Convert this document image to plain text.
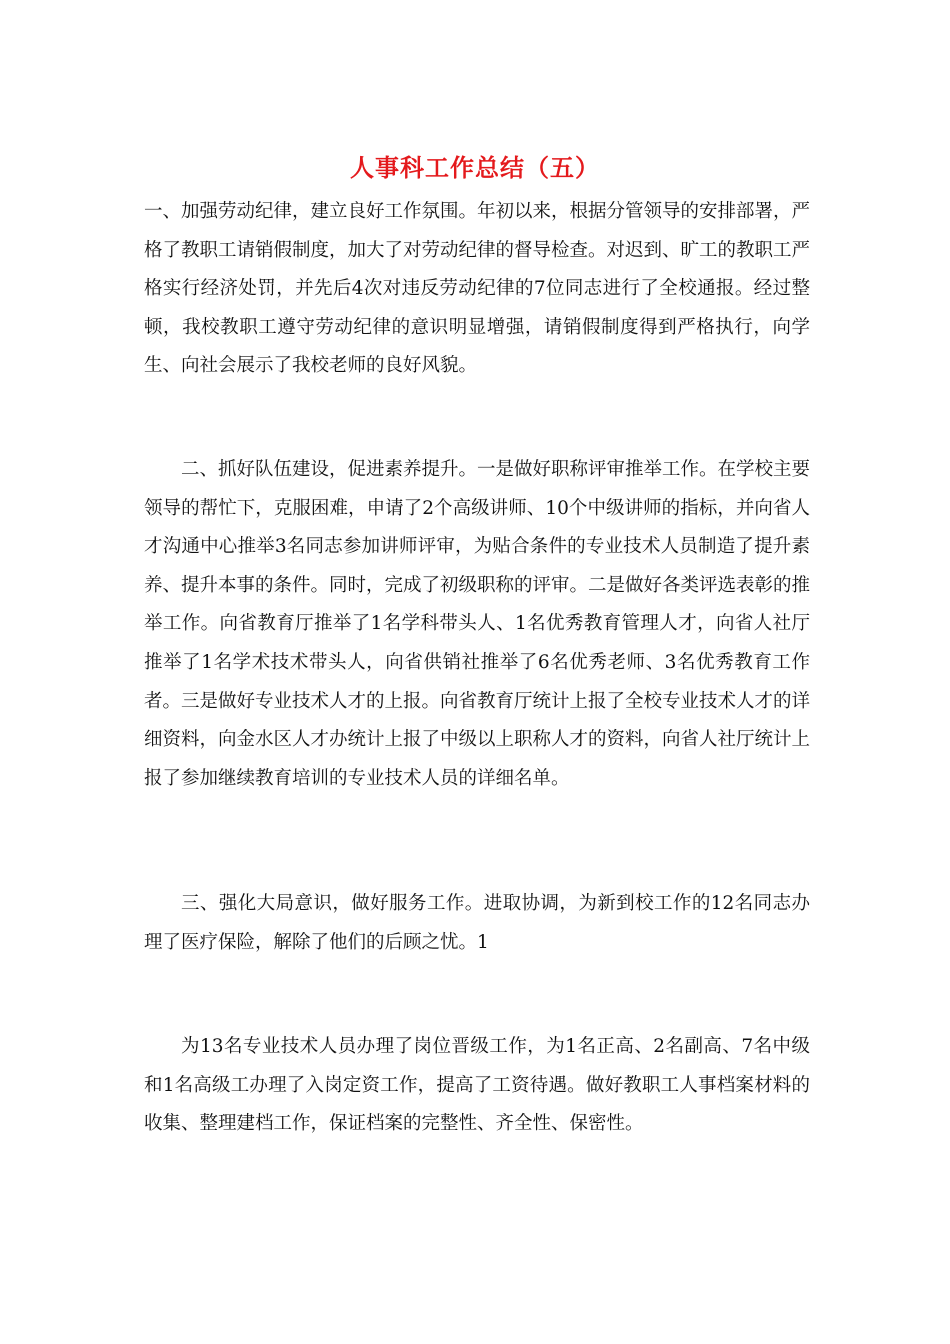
人事科工作总结（五）

一、加强劳动纪律，建立良好工作氛围。年初以来，根据分管领导的安排部署，严格了教职工请销假制度，加大了对劳动纪律的督导检查。对迟到、旷工的教职工严格实行经济处罚，并先后4次对违反劳动纪律的7位同志进行了全校通报。经过整顿，我校教职工遵守劳动纪律的意识明显增强，请销假制度得到严格执行，向学生、向社会展示了我校老师的良好风貌。

二、抓好队伍建设，促进素养提升。一是做好职称评审推举工作。在学校主要领导的帮忙下，克服困难，申请了2个高级讲师、10个中级讲师的指标，并向省人才沟通中心推举3名同志参加讲师评审，为贴合条件的专业技术人员制造了提升素养、提升本事的条件。同时，完成了初级职称的评审。二是做好各类评选表彰的推举工作。向省教育厅推举了1名学科带头人、1名优秀教育管理人才，向省人社厅推举了1名学术技术带头人，向省供销社推举了6名优秀老师、3名优秀教育工作者。三是做好专业技术人才的上报。向省教育厅统计上报了全校专业技术人才的详细资料，向金水区人才办统计上报了中级以上职称人才的资料，向省人社厅统计上报了参加继续教育培训的专业技术人员的详细名单。

三、强化大局意识，做好服务工作。进取协调，为新到校工作的12名同志办理了医疗保险，解除了他们的后顾之忧。1

为13名专业技术人员办理了岗位晋级工作，为1名正高、2名副高、7名中级和1名高级工办理了入岗定资工作，提高了工资待遇。做好教职工人事档案材料的收集、整理建档工作，保证档案的完整性、齐全性、保密性。
